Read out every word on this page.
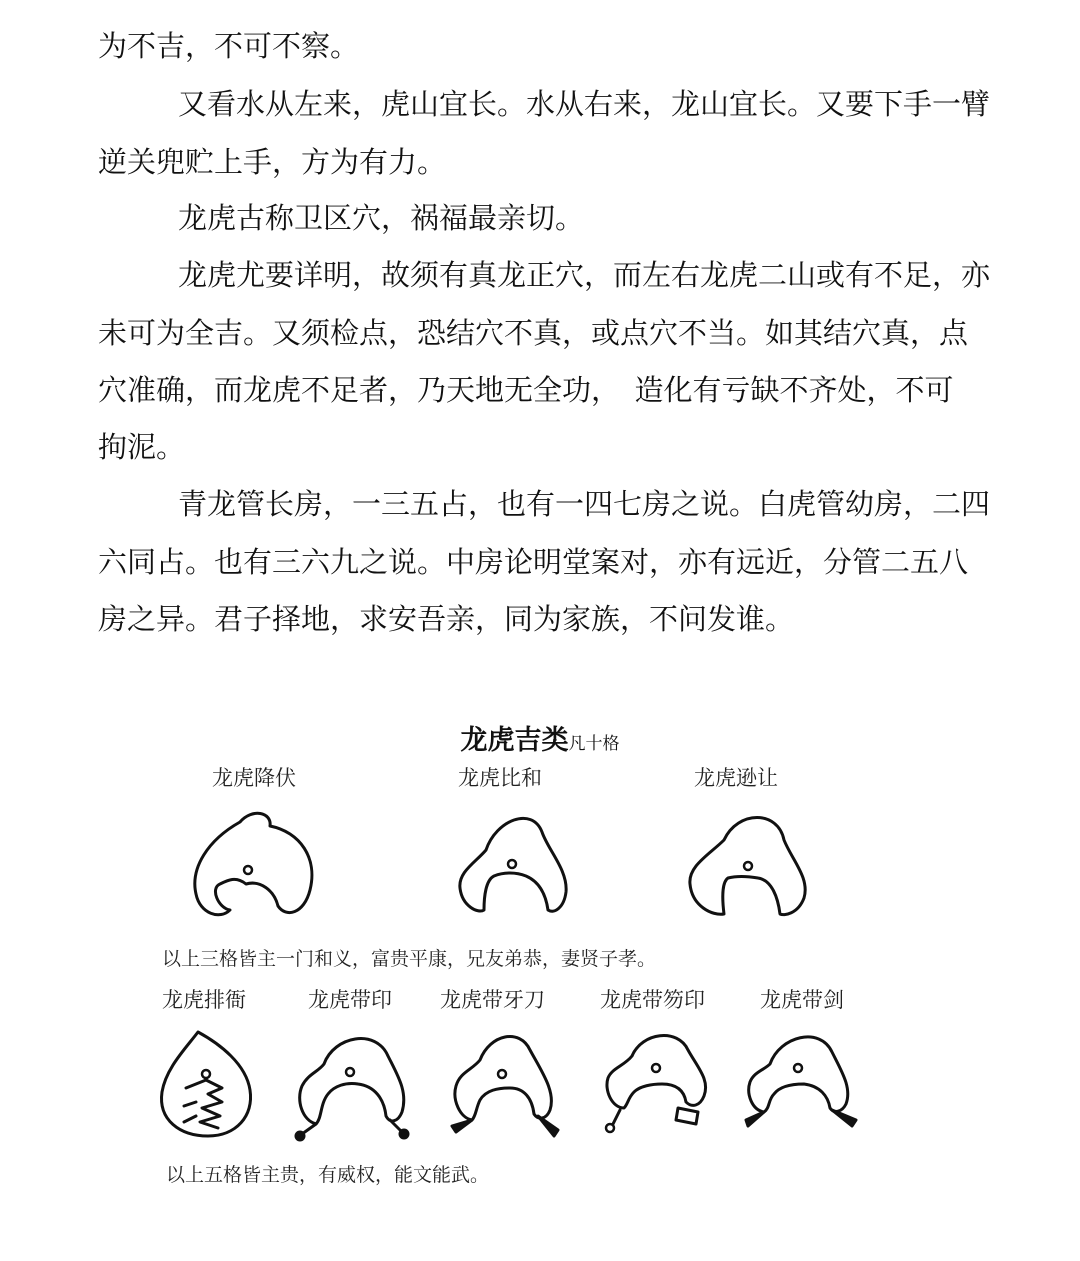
为不吉，不可不察。
又看水从左来，虎山宜长。水从右来，龙山宜长。又要下手一臂
逆关兜贮上手，方为有力。
龙虎古称卫区穴，祸福最亲切。
龙虎尤要详明，故须有真龙正穴，而左右龙虎二山或有不足，亦
未可为全吉。又须检点，恐结穴不真，或点穴不当。如其结穴真，点
穴准确，而龙虎不足者，乃天地无全功，　造化有亏缺不齐处，不可
拘泥。
青龙管长房，一三五占，也有一四七房之说。白虎管幼房，二四
六同占。也有三六九之说。中房论明堂案对，亦有远近，分管二五八
房之异。君子择地，求安吾亲，同为家族，不问发谁。
龙虎吉类凡十格
龙虎降伏	龙虎比和	龙虎逊让
以上三格皆主一门和义，富贵平康，兄友弟恭，妻贤子孝。
龙虎排衙	龙虎带印 龙虎带牙刀	龙虎带笏印	龙虎带剑
以上五格皆主贵，有威权，能文能武。
